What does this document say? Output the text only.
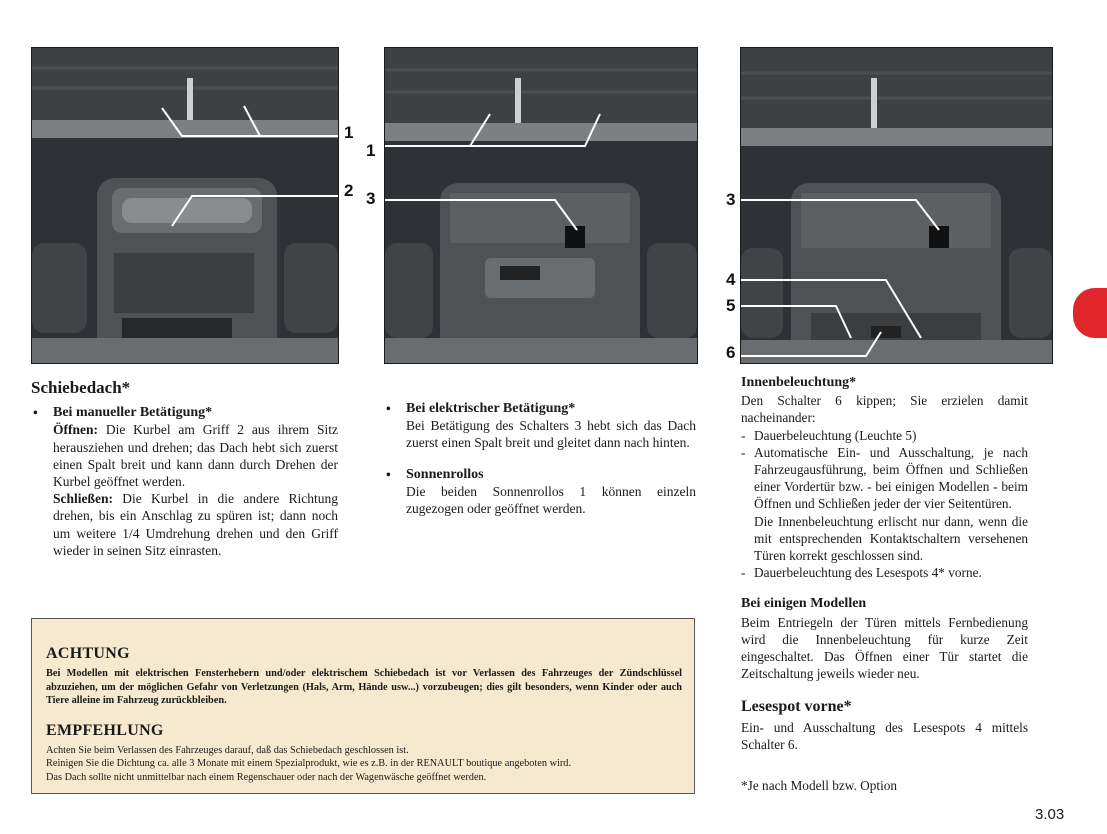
1
2
1
3	3
4
5
6
Schiebedach*
• Bei manueller Betätigung*

Öffnen: Die Kurbel am Griff 2 aus ihrem Sitz herausziehen und drehen; das Dach hebt sich zuerst einen Spalt breit und kann dann durch Drehen der Kurbel geöffnet werden.

Schließen: Die Kurbel in die andere Richtung drehen, bis ein Anschlag zu spüren ist; dann noch um weitere 1/4 Umdrehung drehen und den Griff wieder in seinen Sitz einrasten.

• Bei elektrischer Betätigung*

Bei Betätigung des Schalters 3 hebt sich das Dach zuerst einen Spalt breit und gleitet dann nach hinten.

• Sonnenrollos

Die beiden Sonnenrollos 1 können einzeln zugezogen oder geöffnet werden.

Innenbeleuchtung*

Den Schalter 6 kippen; Sie erzielen damit nacheinander:

- Dauerbeleuchtung (Leuchte 5)
- Automatische Ein- und Ausschaltung, je nach Fahrzeugausführung, beim Öffnen und Schließen einer Vordertür bzw. - bei einigen Modellen - beim Öffnen und Schließen jeder der vier Seitentüren.

Die Innenbeleuchtung erlischt nur dann, wenn die mit entsprechenden Kontaktschaltern versehenen Türen korrekt geschlossen sind.

- Dauerbeleuchtung des Lesespots 4* vorne.
Bei einigen Modellen

Beim Entriegeln der Türen mittels Fernbedienung wird die Innenbeleuchtung für kurze Zeit eingeschaltet. Das Öffnen einer Tür startet die Zeitschaltung jeweils wieder neu.

Lesespot vorne*

Ein- und Ausschaltung des Lesespots 4 mittels Schalter 6.

*Je nach Modell bzw. Option

ACHTUNG
Bei Modellen mit elektrischen Fensterhebern und/oder elektrischem Schiebedach ist vor Verlassen des Fahrzeuges der Zündschlüssel abzuziehen, um der möglichen Gefahr von Verletzungen (Hals, Arm, Hände usw...) vorzubeugen; dies gilt besonders, wenn Kinder oder auch Tiere alleine im Fahrzeug zurückbleiben.
EMPFEHLUNG
Achten Sie beim Verlassen des Fahrzeuges darauf, daß das Schiebedach geschlossen ist.
Reinigen Sie die Dichtung ca. alle 3 Monate mit einem Spezialprodukt, wie es z.B. in der RENAULT boutique angeboten wird.
Das Dach sollte nicht unmittelbar nach einem Regenschauer oder nach der Wagenwäsche geöffnet werden.
3.03
